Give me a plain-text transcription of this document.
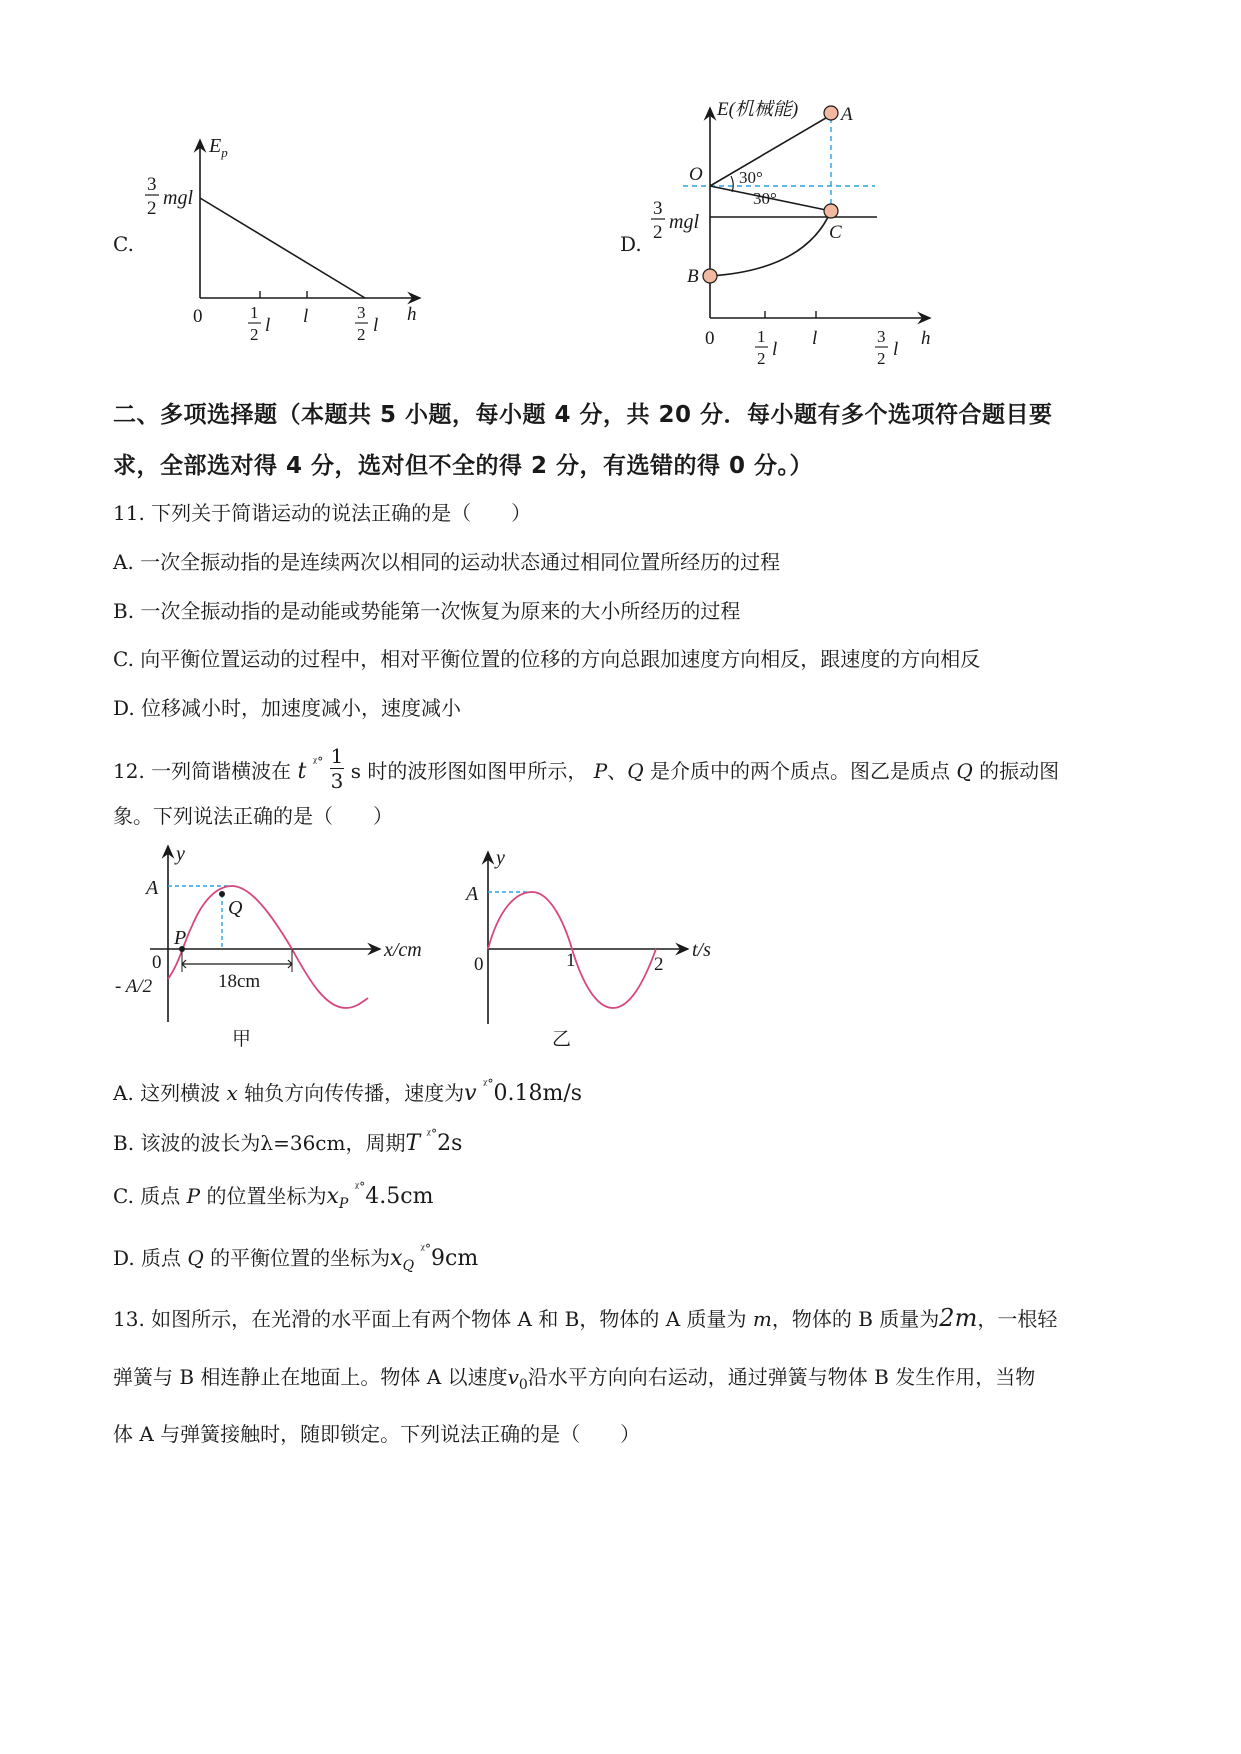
C.
$E_p$
3
2 mgl
0	1
2 l l	3
2 l
h
D.
E(机械能) A
O 30°
30°
C
B
3
2 mgl
0	1
2 l
l	3
2 l
h
二、多项选择题（本题共 5 小题，每小题 4 分，共 20 分．每小题有多个选项符合题目要
求，全部选对得 4 分，选对但不全的得 2 分，有选错的得 0 分。）
11. 下列关于简谐运动的说法正确的是（　　）
A. 一次全振动指的是连续两次以相同的运动状态通过相同位置所经历的过程
B. 一次全振动指的是动能或势能第一次恢复为原来的大小所经历的过程
C. 向平衡位置运动的过程中，相对平衡位置的位移的方向总跟加速度方向相反，跟速度的方向相反
D. 位移减小时，加速度减小，速度减小
12. 一列简谐横波在 t $^{ᵡ^\circ} \frac{1}{3}$ s 时的波形图如图甲所示， P、Q 是介质中的两个质点。图乙是质点 Q 的振动图
象。下列说法正确的是（　　）
y
A
Q
P
0
- A/2	18cm
x/cm
甲
y
A
0	1	2
t/s
乙
A. 这列横波 x 轴负方向传传播，速度为v $^{ᵡ^\circ}$0.18m/s
B. 该波的波长为λ=36cm，周期T $^{ᵡ^\circ}$2s
C. 质点 P 的位置坐标为$x_P$ $^{ᵡ^\circ}$4.5cm
D. 质点 Q 的平衡位置的坐标为$x_Q$ $^{ᵡ^\circ}$9cm
13. 如图所示，在光滑的水平面上有两个物体 A 和 B，物体的 A 质量为 m，物体的 B 质量为2m，一根轻
弹簧与 B 相连静止在地面上。物体 A 以速度$v_0$沿水平方向向右运动，通过弹簧与物体 B 发生作用，当物
体 A 与弹簧接触时，随即锁定。下列说法正确的是（　　）
